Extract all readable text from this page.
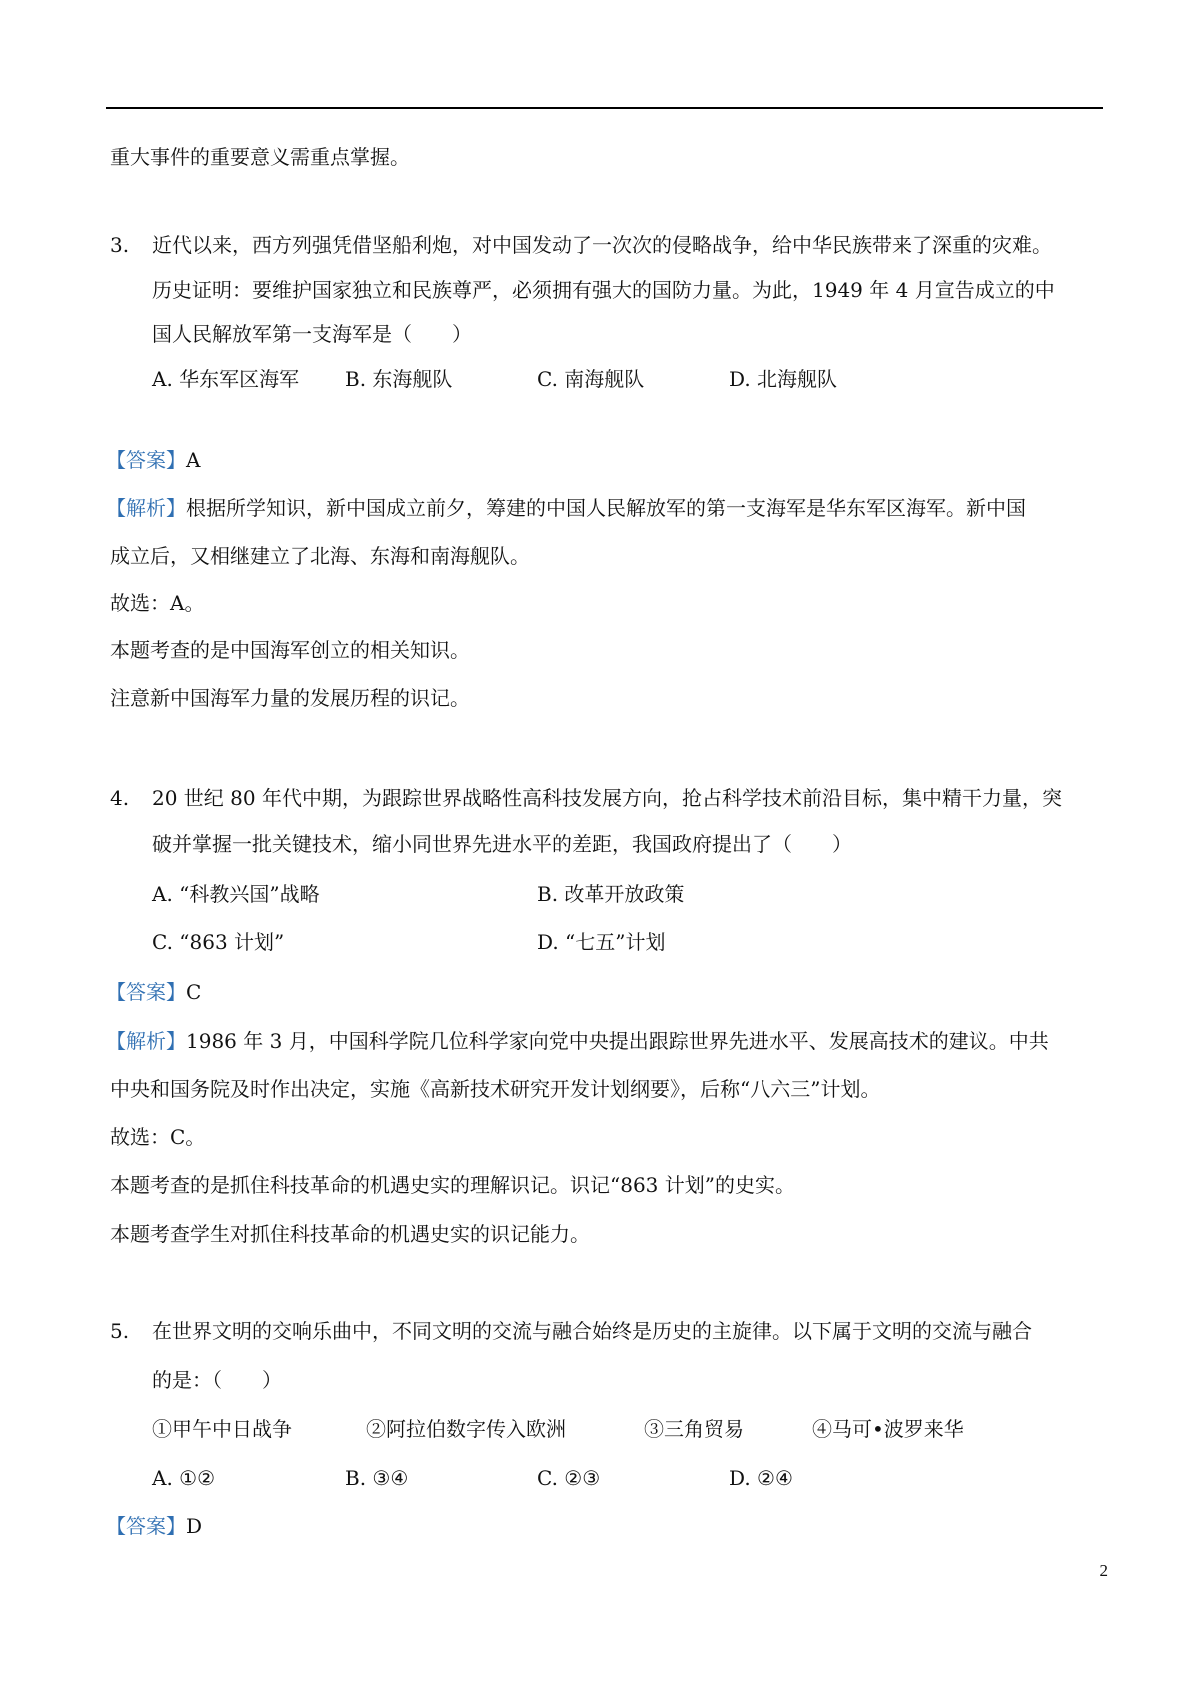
重大事件的重要意义需重点掌握。
3. 近代以来，西方列强凭借坚船利炮，对中国发动了一次次的侵略战争，给中华民族带来了深重的灾难。
历史证明：要维护国家独立和民族尊严，必须拥有强大的国防力量。为此，1949 年 4 月宣告成立的中
国人民解放军第一支海军是（　　）
A. 华东军区海军 B. 东海舰队	C. 南海舰队	D. 北海舰队
【答案】A
【解析】根据所学知识，新中国成立前夕，筹建的中国人民解放军的第一支海军是华东军区海军。新中国
成立后，又相继建立了北海、东海和南海舰队。
故选：A。
本题考查的是中国海军创立的相关知识。
注意新中国海军力量的发展历程的识记。
4. 20 世纪 80 年代中期，为跟踪世界战略性高科技发展方向，抢占科学技术前沿目标，集中精干力量，突
破并掌握一批关键技术，缩小同世界先进水平的差距，我国政府提出了（　　）
A. “科教兴国”战略	B. 改革开放政策
C. “863 计划”	D. “七五”计划
【答案】C
【解析】1986 年 3 月，中国科学院几位科学家向党中央提出跟踪世界先进水平、发展高技术的建议。中共
中央和国务院及时作出决定，实施《高新技术研究开发计划纲要》，后称“八六三”计划。
故选：C。
本题考查的是抓住科技革命的机遇史实的理解识记。识记“863 计划”的史实。
本题考查学生对抓住科技革命的机遇史实的识记能力。
5. 在世界文明的交响乐曲中，不同文明的交流与融合始终是历史的主旋律。以下属于文明的交流与融合
的是：（　　）
①甲午中日战争	②阿拉伯数字传入欧洲	③三角贸易	④马可•波罗来华
A. ①②	B. ③④	C. ②③	D. ②④
【答案】D
2
